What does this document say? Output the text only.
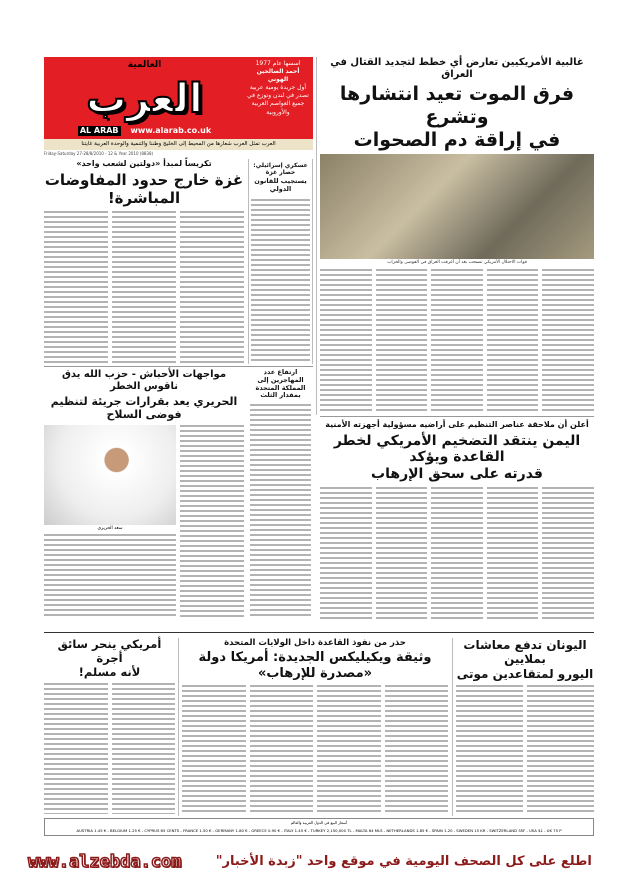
أسسها عام 1977
أحمد الصالحين الهوني
أول جريدة يومية عربية تصدر في لندن وتوزع في جميع العواصم العربية والأوروبية
العالمية
العرب
AL ARAB www.alarab.co.uk
العرب تمثل العرب شعارها من المحيط إلى الخليج وطننا والتنمية والوحدة العربية غايتنا
Friday-Saturday 27-28/8/2010 - 12 & Year 2010 (8838)
غالبية الأمريكيين تعارض أي خطط لتجديد القتال في العراق
فرق الموت تعيد انتشارها وتشرع
في إراقة دم الصحوات
قوات الاحتلال الأمريكي تنسحب بعد أن أغرقت العراق في الفوضى والخراب
تكريساً لمبدأ «دولتين لشعب واحد»
غزة خارج حدود المفاوضات المباشرة!
عسكري إسرائيلي: حصار غزة
يستجيب للقانون الدولي
مواجهات الأحباش - حزب الله يدق ناقوس الخطر
الحريري يعد بقرارات جريئة لتنظيم فوضى السلاح
سعد الحريري
ارتفاع عدد المهاجرين إلى المملكة المتحدة بمقدار الثلث
أعلن أن ملاحقة عناصر التنظيم على أراضيه مسؤولية أجهزته الأمنية
اليمن ينتقد التضخيم الأمريكي لخطر القاعدة ويؤكد
قدرته على سحق الإرهاب
اليونان تدفع معاشات بملايين
اليورو لمتقاعدين موتى
حذر من نفوذ القاعدة داخل الولايات المتحدة
وثيقة ويكيليكس الجديدة: أمريكا دولة
«مصدرة للإرهاب»
أمريكي ينحر سائق أجرة
لأنه مسلم!
أسعار البيع في الدول العربية والعالم
AUSTRIA 1.45 € - BELGIUM 1.25 € - CYPRUS 65 CENTS - FRANCE 1.50 € - GERMANY 1.80 € - GREECE 0.90 € - ITALY 1.45 € - TURKEY 2,150,000 TL - MALTA 64 MLS - NETHERLANDS 1.85 € - SPAIN 1.20 - SWEDEN 15 KR - SWITZERLAND 3SF - USA $1 - UK 75 P
www.alzebda.com	اطلع على كل الصحف اليومية في موقع واحد "زبدة الأخبار"
